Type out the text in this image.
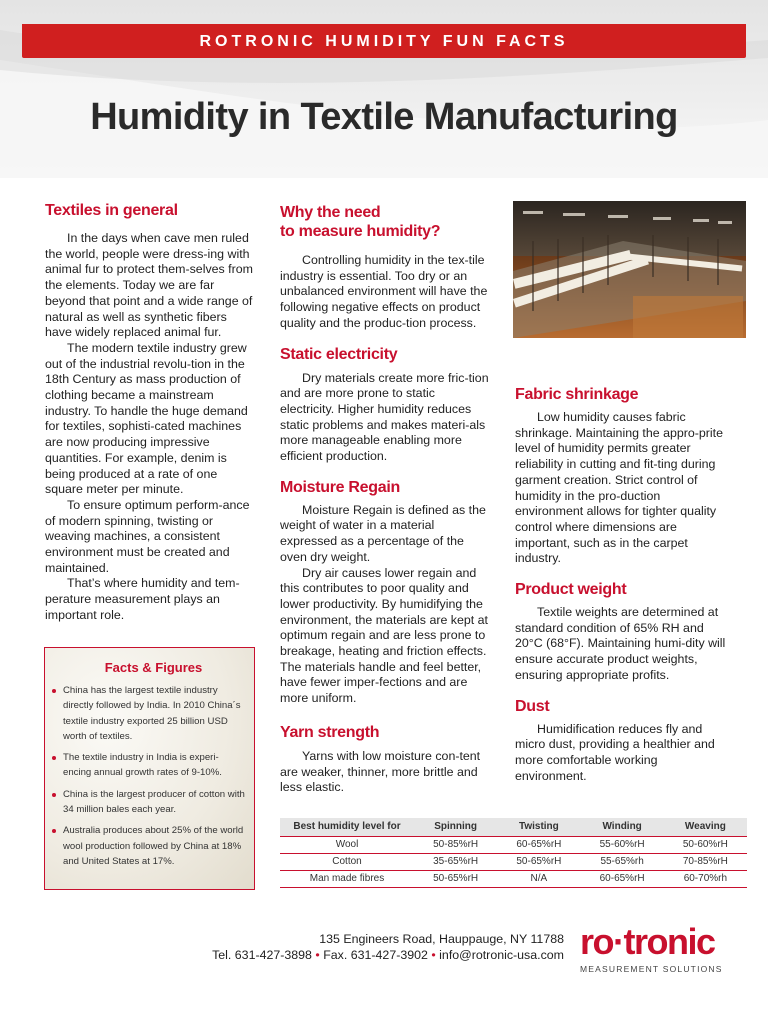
ROTRONIC HUMIDITY FUN FACTS
Humidity in Textile Manufacturing
Textiles in general

In the days when cave men ruled the world, people were dress-ing with animal fur to protect them-selves from the elements. Today we are far beyond that point and a wide range of natural as well as synthetic fibers have widely replaced animal fur.

The modern textile industry grew out of the industrial revolu-tion in the 18th Century as mass production of clothing became a mainstream industry. To handle the huge demand for textiles, sophisti-cated machines are now producing impressive quantities. For example, denim is being produced at a rate of one square meter per minute.

To ensure optimum perform-ance of modern spinning, twisting or weaving machines, a consistent environment must be created and maintained.

That’s where humidity and tem-perature measurement plays an important role.

Facts & Figures
China has the largest textile industry directly followed by India. In 2010 China´s textile industry exported 25 billion USD worth of textiles.
The textile industry in India is experi-encing annual growth rates of 9-10%.
China is the largest producer of cotton with 34 million bales each year.
Australia produces about 25% of the world wool production followed by China at 18% and United States at 17%.
Why the need
to measure humidity?

Controlling humidity in the tex-tile industry is essential. Too dry or an unbalanced environment will have the following negative effects on product quality and the produc-tion process.

Static electricity

Dry materials create more fric-tion and are more prone to static electricity. Higher humidity reduces static problems and makes materi-als more manageable enabling more efficient production.

Moisture Regain

Moisture Regain is defined as the weight of water in a material expressed as a percentage of the oven dry weight.

Dry air causes lower regain and this contributes to poor quality and lower productivity. By humidifying the environment, the materials are kept at optimum regain and are less prone to breakage, heating and friction effects. The materials handle and feel better, have fewer imper-fections and are more uniform.

Yarn strength

Yarns with low moisture con-tent are weaker, thinner, more brittle and less elastic.

Fabric shrinkage

Low humidity causes fabric shrinkage. Maintaining the appro-prite level of humidity permits greater reliability in cutting and fit-ting during garment creation. Strict control of humidity in the pro-duction environment allows for tighter quality control where dimensions are important, such as in the carpet industry.

Product weight

Textile weights are determined at standard condition of 65% RH and 20°C (68°F). Maintaining humi-dity will ensure accurate product weights, ensuring appropriate profits.

Dust

Humidification reduces fly and micro dust, providing a healthier and more comfortable working environment.

Best humidity level for	Spinning	Twisting	Winding	Weaving
Wool	50-85%rH	60-65%rH	55-60%rH	50-60%rH
Cotton	35-65%rH	50-65%rH	55-65%rh	70-85%rH
Man made fibres	50-65%rH	N/A	60-65%rH	60-70%rh
135 Engineers Road, Hauppauge, NY 11788
Tel. 631-427-3898 • Fax. 631-427-3902 • info@rotronic-usa.com ro·tronic
MEASUREMENT SOLUTIONS
